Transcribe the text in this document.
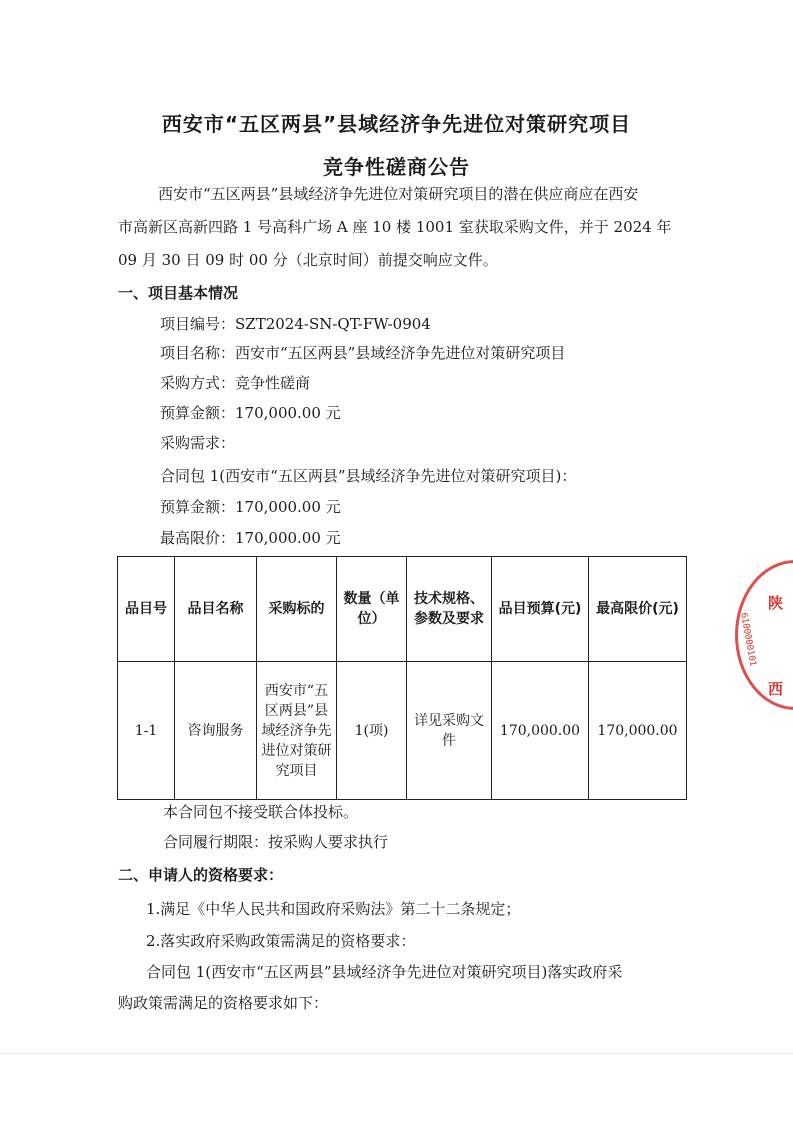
西安市“五区两县”县域经济争先进位对策研究项目
竞争性磋商公告
西安市“五区两县”县域经济争先进位对策研究项目的潜在供应商应在西安
市高新区高新四路 1 号高科广场 A 座 10 楼 1001 室获取采购文件，并于 2024 年
09 月 30 日 09 时 00 分（北京时间）前提交响应文件。
一、项目基本情况
项目编号：SZT2024-SN-QT-FW-0904
项目名称：西安市“五区两县”县域经济争先进位对策研究项目
采购方式：竞争性磋商
预算金额：170,000.00 元
采购需求：
合同包 1(西安市“五区两县”县域经济争先进位对策研究项目)：
预算金额：170,000.00 元
最高限价：170,000.00 元
品目号	品目名称	采购标的	数量（单位）	技术规格、参数及要求	品目预算(元)	最高限价(元)
1-1	咨询服务	西安市“五区两县”县域经济争先进位对策研究项目	1(项)	详见采购文件	170,000.00	170,000.00
本合同包不接受联合体投标。
合同履行期限：按采购人要求执行
二、申请人的资格要求：
1.满足《中华人民共和国政府采购法》第二十二条规定；
2.落实政府采购政策需满足的资格要求：
合同包 1(西安市“五区两县”县域经济争先进位对策研究项目)落实政府采
购政策需满足的资格要求如下：
陕
西
6100000101
